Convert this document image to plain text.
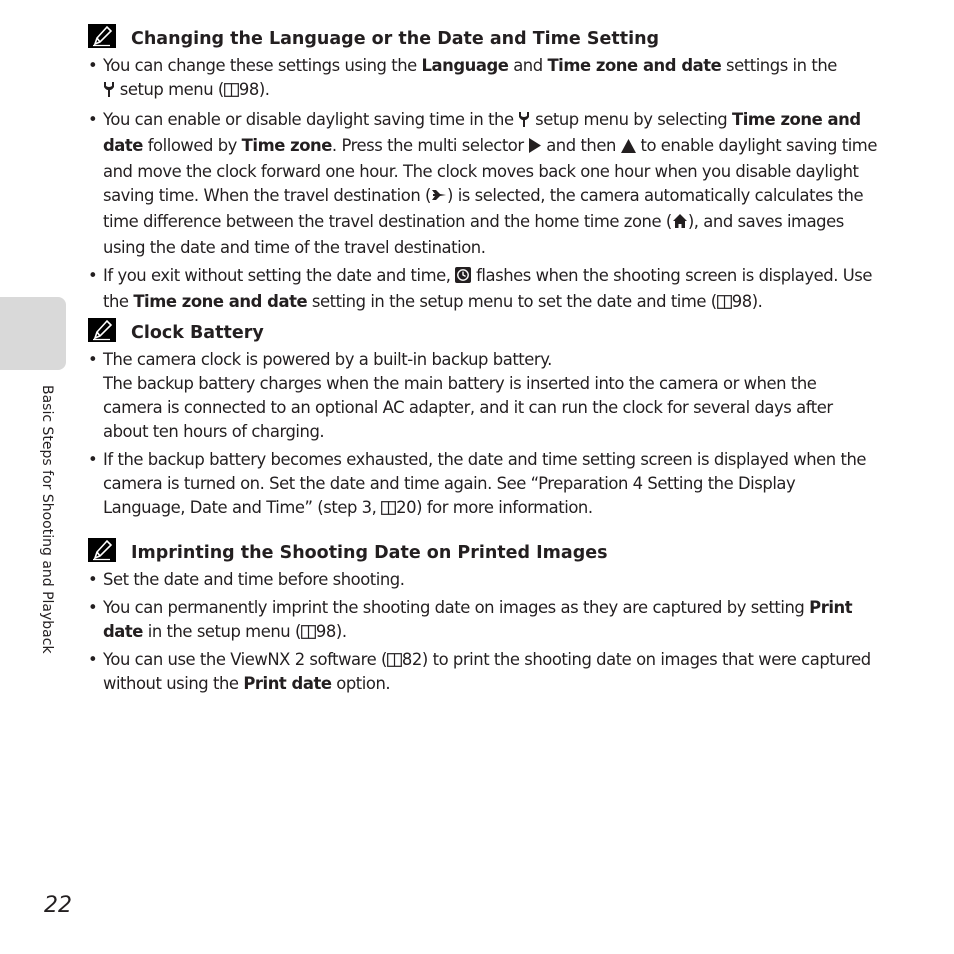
Basic Steps for Shooting and Playback
Changing the Language or the Date and Time Setting
• You can change these settings using the Language and Time zone and date settings in the
setup menu ( 98).
• You can enable or disable daylight saving time in the  setup menu by selecting Time zone and date followed by Time zone. Press the multi selector  and then  to enable daylight saving time and move the clock forward one hour. The clock moves back one hour when you disable daylight saving time. When the travel destination ( ) is selected, the camera automatically calculates the time difference between the travel destination and the home time zone ( ), and saves images using the date and time of the travel destination.
• If you exit without setting the date and time,  flashes when the shooting screen is displayed. Use the Time zone and date setting in the setup menu to set the date and time ( 98).
Clock Battery
• The camera clock is powered by a built-in backup battery.
The backup battery charges when the main battery is inserted into the camera or when the camera is connected to an optional AC adapter, and it can run the clock for several days after about ten hours of charging.
• If the backup battery becomes exhausted, the date and time setting screen is displayed when the camera is turned on. Set the date and time again. See “Preparation 4 Setting the Display Language, Date and Time” (step 3, 20) for more information.
Imprinting the Shooting Date on Printed Images
• Set the date and time before shooting.
• You can permanently imprint the shooting date on images as they are captured by setting Print date in the setup menu ( 98).
• You can use the ViewNX 2 software ( 82) to print the shooting date on images that were captured without using the Print date option.
22
